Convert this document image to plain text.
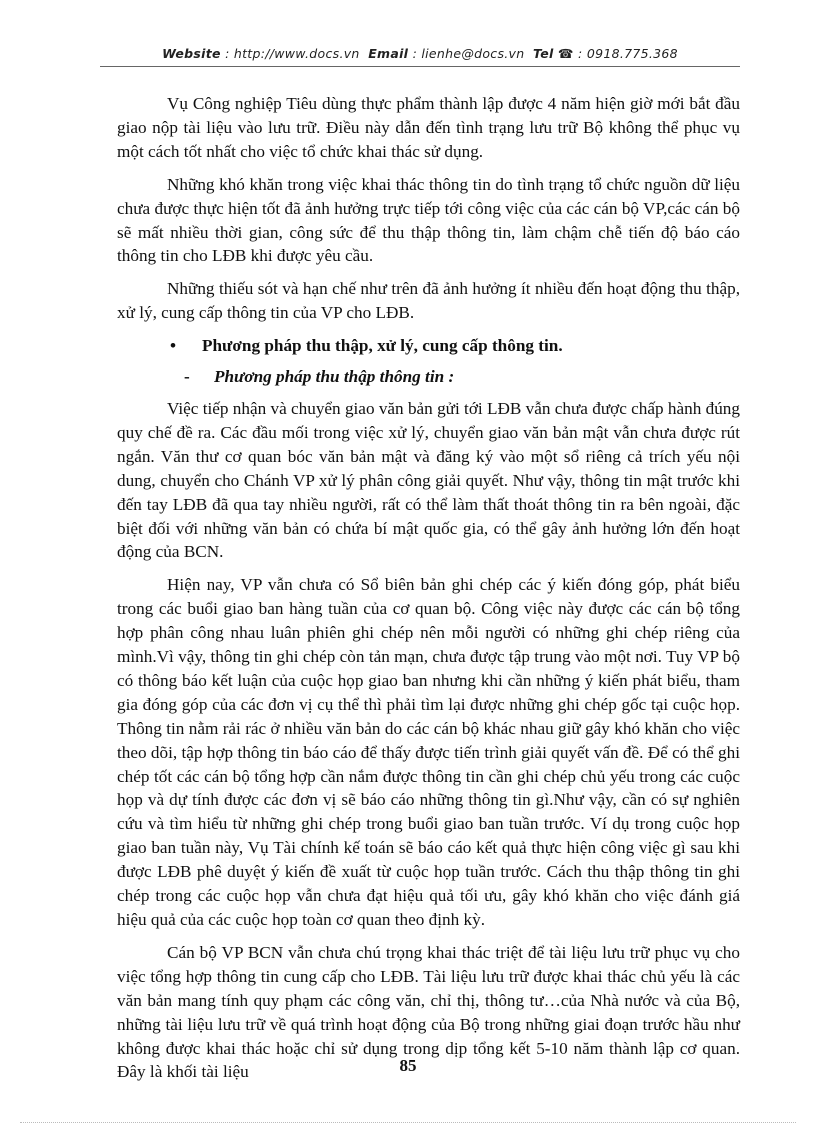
Website : http://www.docs.vn Email : lienhe@docs.vn Tel ☎ : 0918.775.368

Vụ Công nghiệp Tiêu dùng thực phẩm thành lập được 4 năm hiện giờ mới bắt đầu giao nộp tài liệu vào lưu trữ. Điều này dẫn đến tình trạng lưu trữ Bộ không thể phục vụ một cách tốt nhất cho việc tổ chức khai thác sử dụng.

Những khó khăn trong việc khai thác thông tin do tình trạng tổ chức nguồn dữ liệu chưa được thực hiện tốt đã ảnh hưởng trực tiếp tới công việc của các cán bộ VP,các cán bộ sẽ mất nhiều thời gian, công sức để thu thập thông tin, làm chậm chễ tiến độ báo cáo thông tin cho LĐB khi được yêu cầu.

Những thiếu sót và hạn chế như trên đã ảnh hưởng ít nhiều đến hoạt động thu thập, xử lý, cung cấp thông tin của VP cho LĐB.

• Phương pháp thu thập, xử lý, cung cấp thông tin.
- Phương pháp thu thập thông tin :

Việc tiếp nhận và chuyển giao văn bản gửi tới LĐB vẫn chưa được chấp hành đúng quy chế đề ra. Các đầu mối trong việc xử lý, chuyển giao văn bản mật vẫn chưa được rút ngắn. Văn thư cơ quan bóc văn bản mật và đăng ký vào một sổ riêng cả trích yếu nội dung, chuyển cho Chánh VP xử lý phân công giải quyết. Như vậy, thông tin mật trước khi đến tay LĐB đã qua tay nhiều người, rất có thể làm thất thoát thông tin ra bên ngoài, đặc biệt đối với những văn bản có chứa bí mật quốc gia, có thể gây ảnh hưởng lớn đến hoạt động của BCN.

Hiện nay, VP vẫn chưa có Sổ biên bản ghi chép các ý kiến đóng góp, phát biểu trong các buổi giao ban hàng tuần của cơ quan bộ. Công việc này được các cán bộ tổng hợp phân công nhau luân phiên ghi chép nên mỗi người có những ghi chép riêng của mình.Vì vậy, thông tin ghi chép còn tản mạn, chưa được tập trung vào một nơi. Tuy VP bộ có thông báo kết luận của cuộc họp giao ban nhưng khi cần những ý kiến phát biểu, tham gia đóng góp của các đơn vị cụ thể thì phải tìm lại được những ghi chép gốc tại cuộc họp. Thông tin nằm rải rác ở nhiều văn bản do các cán bộ khác nhau giữ gây khó khăn cho việc theo dõi, tập hợp thông tin báo cáo để thấy được tiến trình giải quyết vấn đề. Để có thể ghi chép tốt các cán bộ tổng hợp cần nắm được thông tin cần ghi chép chủ yếu trong các cuộc họp và dự tính được các đơn vị sẽ báo cáo những thông tin gì.Như vậy, cần có sự nghiên cứu và tìm hiểu từ những ghi chép trong buổi giao ban tuần trước. Ví dụ trong cuộc họp giao ban tuần này, Vụ Tài chính kế toán sẽ báo cáo kết quả thực hiện công việc gì sau khi được LĐB phê duyệt ý kiến đề xuất từ cuộc họp tuần trước. Cách thu thập thông tin ghi chép trong các cuộc họp vẫn chưa đạt hiệu quả tối ưu, gây khó khăn cho việc đánh giá hiệu quả của các cuộc họp toàn cơ quan theo định kỳ.

Cán bộ VP BCN vẫn chưa chú trọng khai thác triệt để tài liệu lưu trữ phục vụ cho việc tổng hợp thông tin cung cấp cho LĐB. Tài liệu lưu trữ được khai thác chủ yếu là các văn bản mang tính quy phạm các công văn, chỉ thị, thông tư…của Nhà nước và của Bộ, những tài liệu lưu trữ về quá trình hoạt động của Bộ trong những giai đoạn trước hầu như không được khai thác hoặc chỉ sử dụng trong dịp tổng kết 5-10 năm thành lập cơ quan. Đây là khối tài liệu	85
